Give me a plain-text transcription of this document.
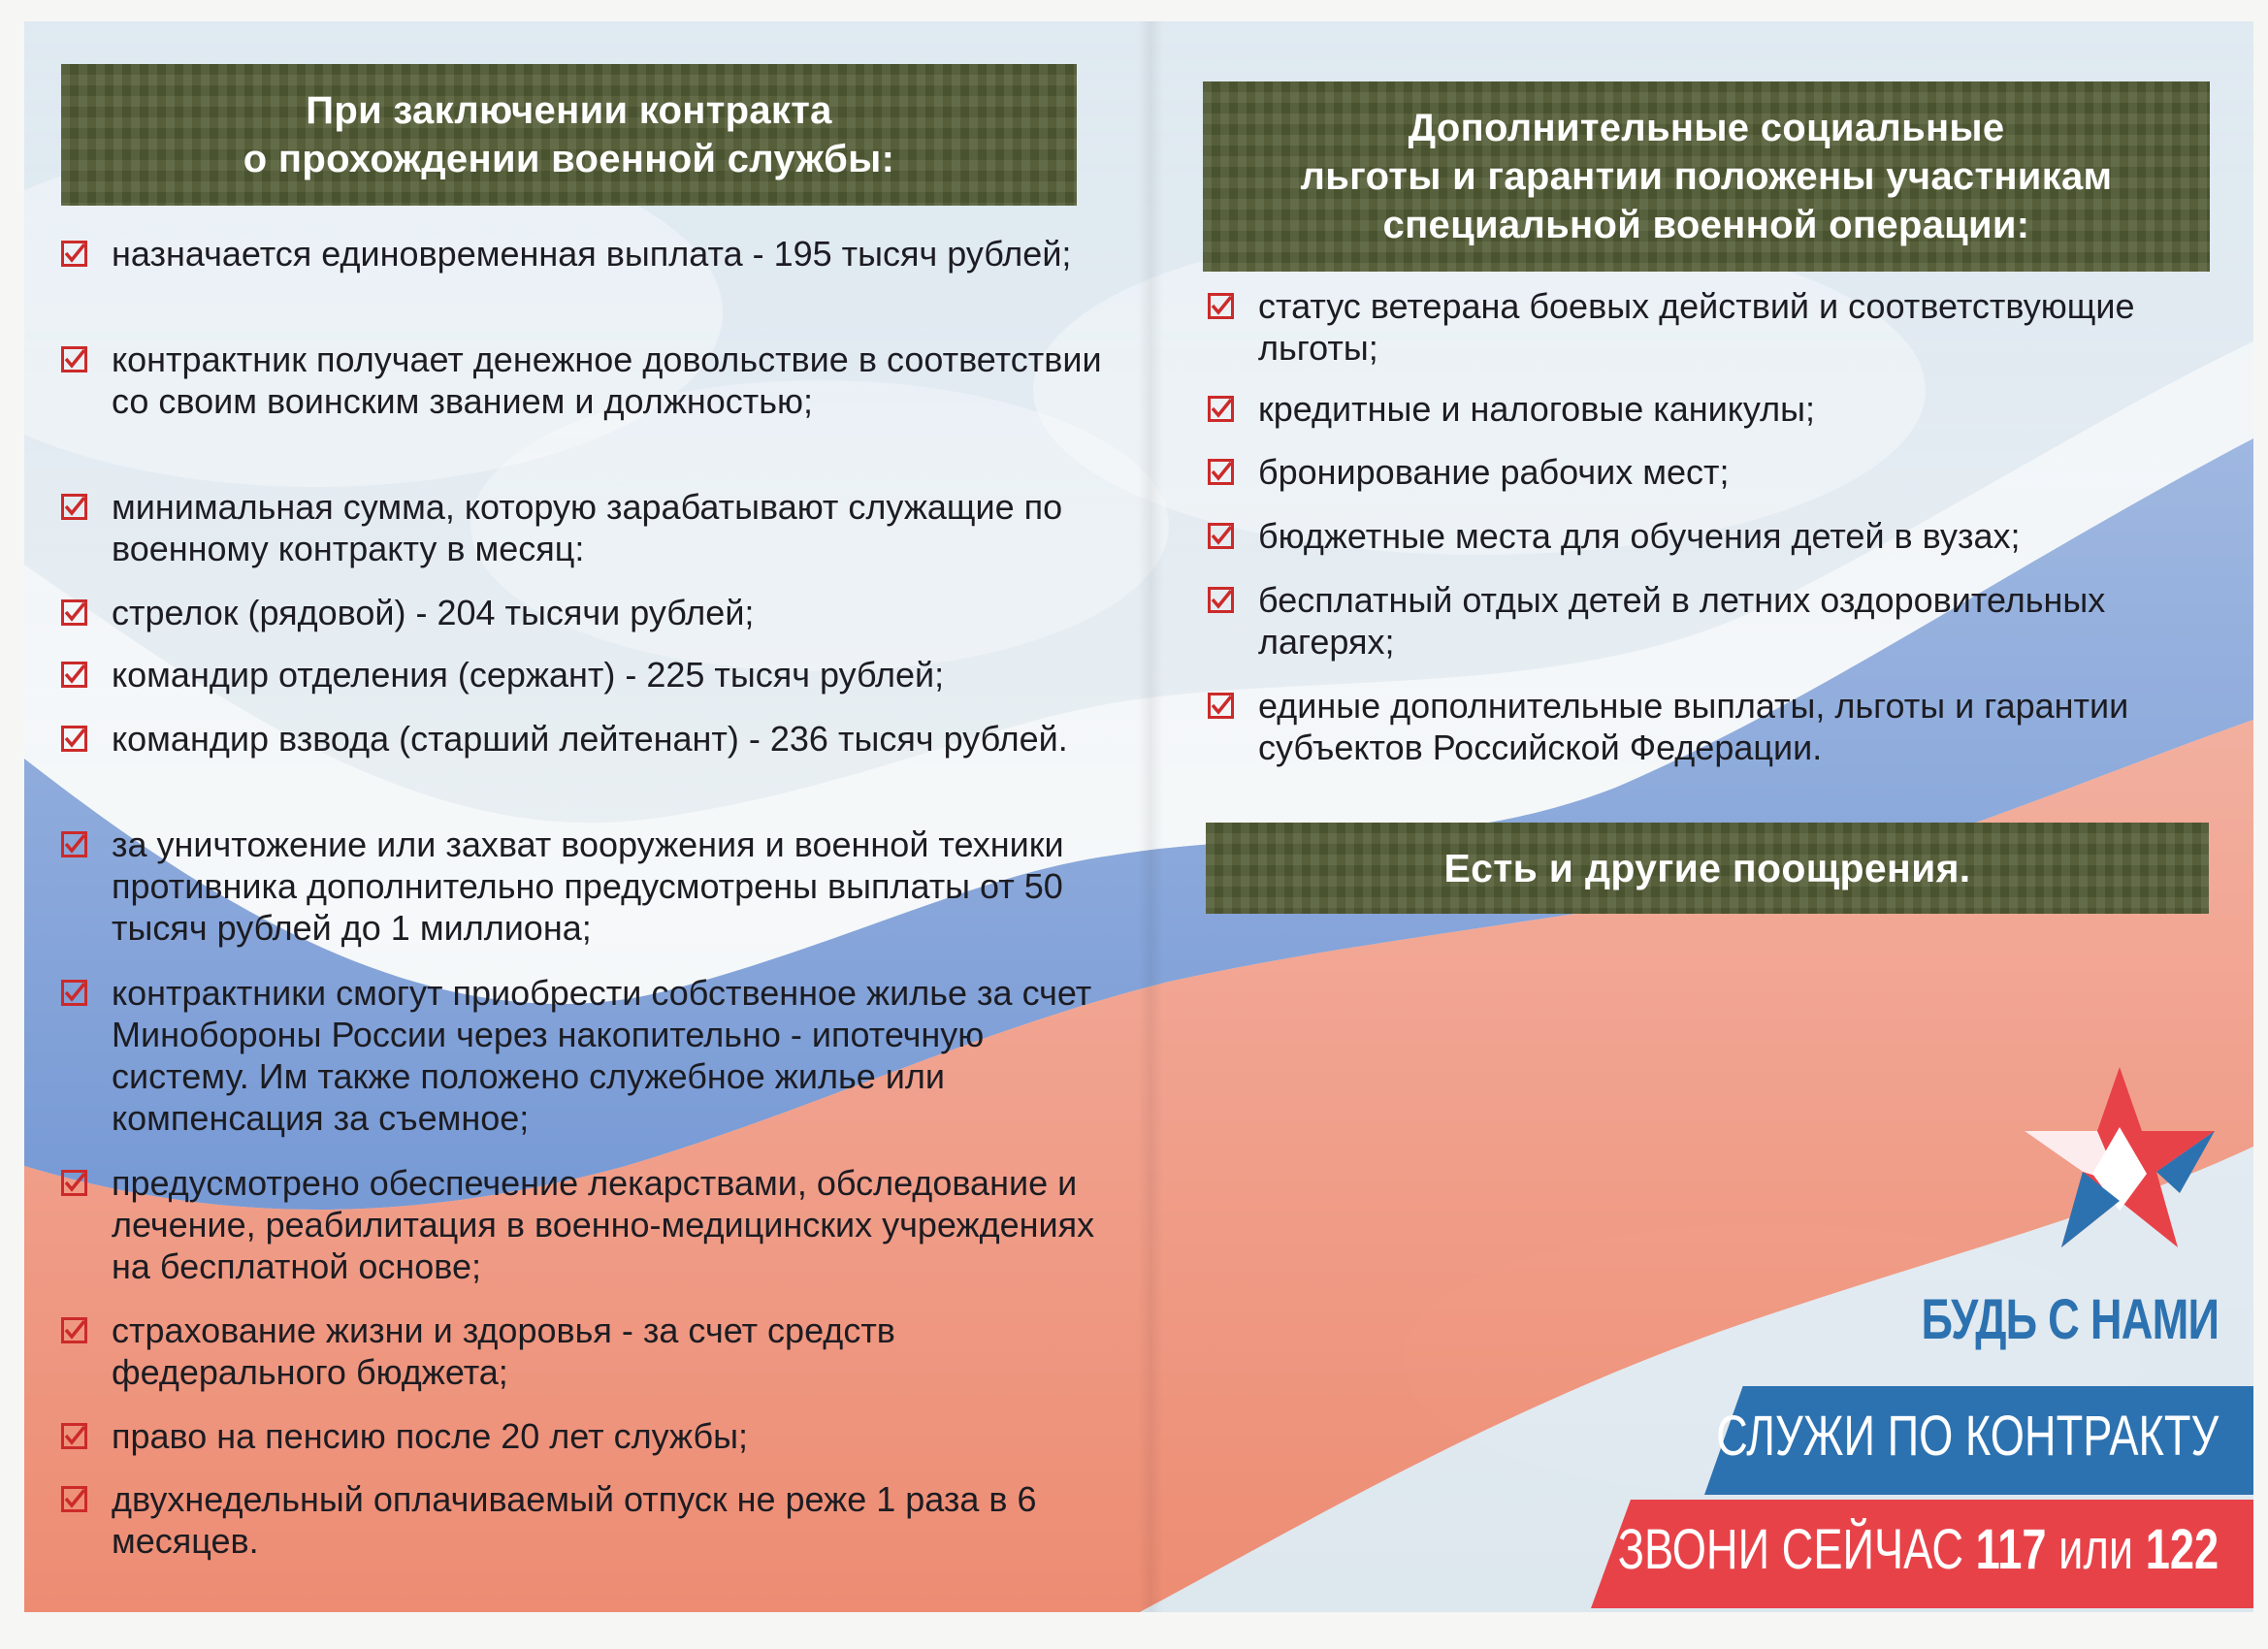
При заключении контракта
о прохождении военной службы:
назначается единовременная выплата - 195 тысяч рублей;
контрактник получает денежное довольствие в соответствии со своим воинским званием и должностью;
минимальная сумма, которую зарабатывают служащие по военному контракту в месяц:
стрелок (рядовой) - 204 тысячи рублей;
командир отделения (сержант) - 225 тысяч рублей;
командир взвода (старший лейтенант) - 236 тысяч рублей.
за уничтожение или захват вооружения и военной техники противника дополнительно предусмотрены выплаты от 50 тысяч рублей до 1 миллиона;
контрактники смогут приобрести собственное жилье за счет Минобороны России через накопительно - ипотечную систему. Им также положено служебное жилье или компенсация за съемное;
предусмотрено обеспечение лекарствами, обследование и лечение, реабилитация в военно-медицинских учреждениях на бесплатной основе;
страхование жизни и здоровья - за счет средств федерального бюджета;
право на пенсию после 20 лет службы;
двухнедельный оплачиваемый отпуск не реже 1 раза в 6 месяцев.
Дополнительные социальные
льготы и гарантии положены участникам
специальной военной операции:
статус ветерана боевых действий и соответствующие льготы;
кредитные и налоговые каникулы;
бронирование рабочих мест;
бюджетные места для обучения детей в вузах;
бесплатный отдых детей в летних оздоровительных лагерях;
единые дополнительные выплаты, льготы и гарантии субъектов Российской Федерации.
Есть и другие поощрения.
БУДЬ С НАМИ
СЛУЖИ ПО КОНТРАКТУ
ЗВОНИ СЕЙЧАС 117 или 122
